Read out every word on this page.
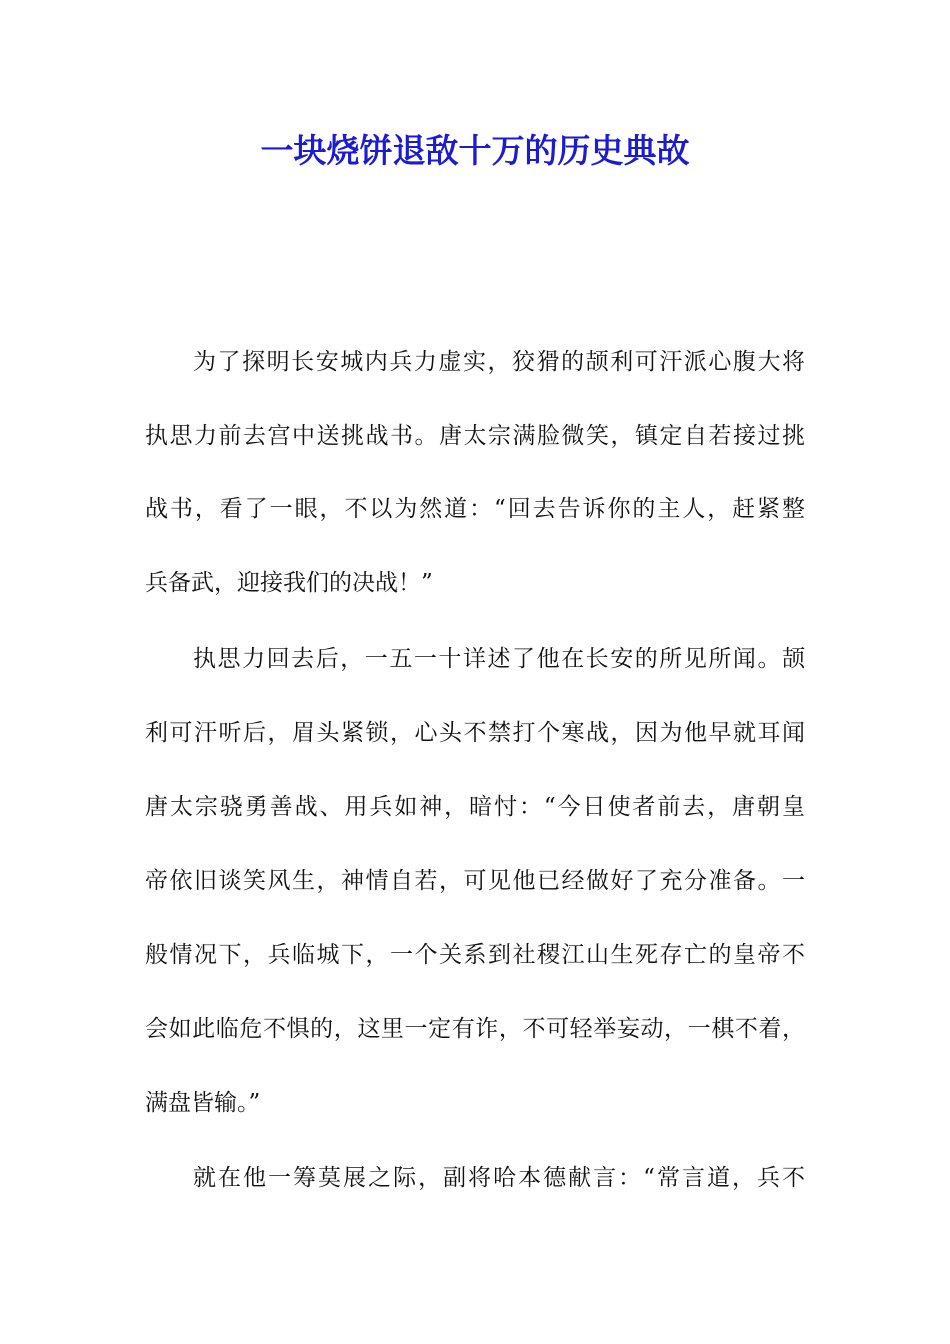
一块烧饼退敌十万的历史典故
为了探明长安城内兵力虚实，狡猾的颉利可汗派心腹大将
执思力前去宫中送挑战书。唐太宗满脸微笑，镇定自若接过挑
战书，看了一眼，不以为然道：“回去告诉你的主人，赶紧整
兵备武，迎接我们的决战！”
执思力回去后，一五一十详述了他在长安的所见所闻。颉
利可汗听后，眉头紧锁，心头不禁打个寒战，因为他早就耳闻
唐太宗骁勇善战、用兵如神，暗忖：“今日使者前去，唐朝皇
帝依旧谈笑风生，神情自若，可见他已经做好了充分准备。一
般情况下，兵临城下，一个关系到社稷江山生死存亡的皇帝不
会如此临危不惧的，这里一定有诈，不可轻举妄动，一棋不着，
满盘皆输。”
就在他一筹莫展之际，副将哈本德献言：“常言道，兵不
